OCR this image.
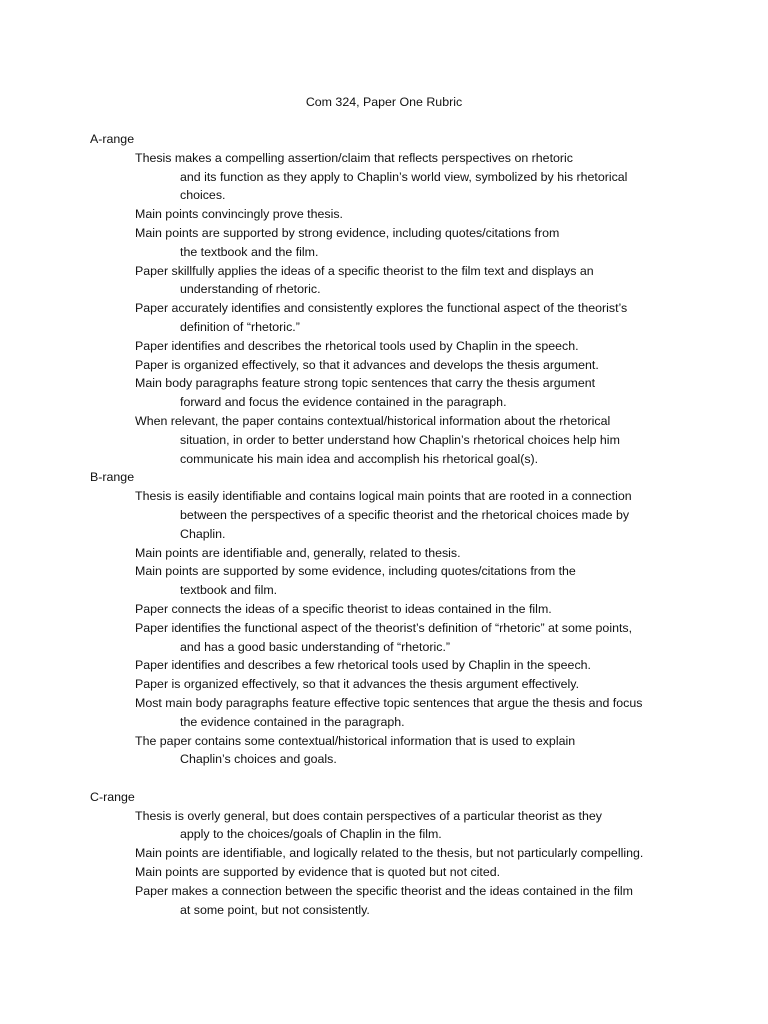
Com 324, Paper One Rubric
A-range
Thesis makes a compelling assertion/claim that reflects perspectives on rhetoric
and its function as they apply to Chaplin’s world view, symbolized by his rhetorical
choices.
Main points convincingly prove thesis.
Main points are supported by strong evidence, including quotes/citations from
the textbook and the film.
Paper skillfully applies the ideas of a specific theorist to the film text and displays an
understanding of rhetoric.
Paper accurately identifies and consistently explores the functional aspect of the theorist’s
definition of “rhetoric.”
Paper identifies and describes the rhetorical tools used by Chaplin in the speech.
Paper is organized effectively, so that it advances and develops the thesis argument.
Main body paragraphs feature strong topic sentences that carry the thesis argument
forward and focus the evidence contained in the paragraph.
When relevant, the paper contains contextual/historical information about the rhetorical
situation, in order to better understand how Chaplin’s rhetorical choices help him
communicate his main idea and accomplish his rhetorical goal(s).
B-range
Thesis is easily identifiable and contains logical main points that are rooted in a connection
between the perspectives of a specific theorist and the rhetorical choices made by
Chaplin.
Main points are identifiable and, generally, related to thesis.
Main points are supported by some evidence, including quotes/citations from the
textbook and film.
Paper connects the ideas of a specific theorist to ideas contained in the film.
Paper identifies the functional aspect of the theorist’s definition of “rhetoric” at some points,
and has a good basic understanding of “rhetoric.”
Paper identifies and describes a few rhetorical tools used by Chaplin in the speech.
Paper is organized effectively, so that it advances the thesis argument effectively.
Most main body paragraphs feature effective topic sentences that argue the thesis and focus
the evidence contained in the paragraph.
The paper contains some contextual/historical information that is used to explain
Chaplin’s choices and goals.
C-range
Thesis is overly general, but does contain perspectives of a particular theorist as they
apply to the choices/goals of Chaplin in the film.
Main points are identifiable, and logically related to the thesis, but not particularly compelling.
Main points are supported by evidence that is quoted but not cited.
Paper makes a connection between the specific theorist and the ideas contained in the film
at some point, but not consistently.
